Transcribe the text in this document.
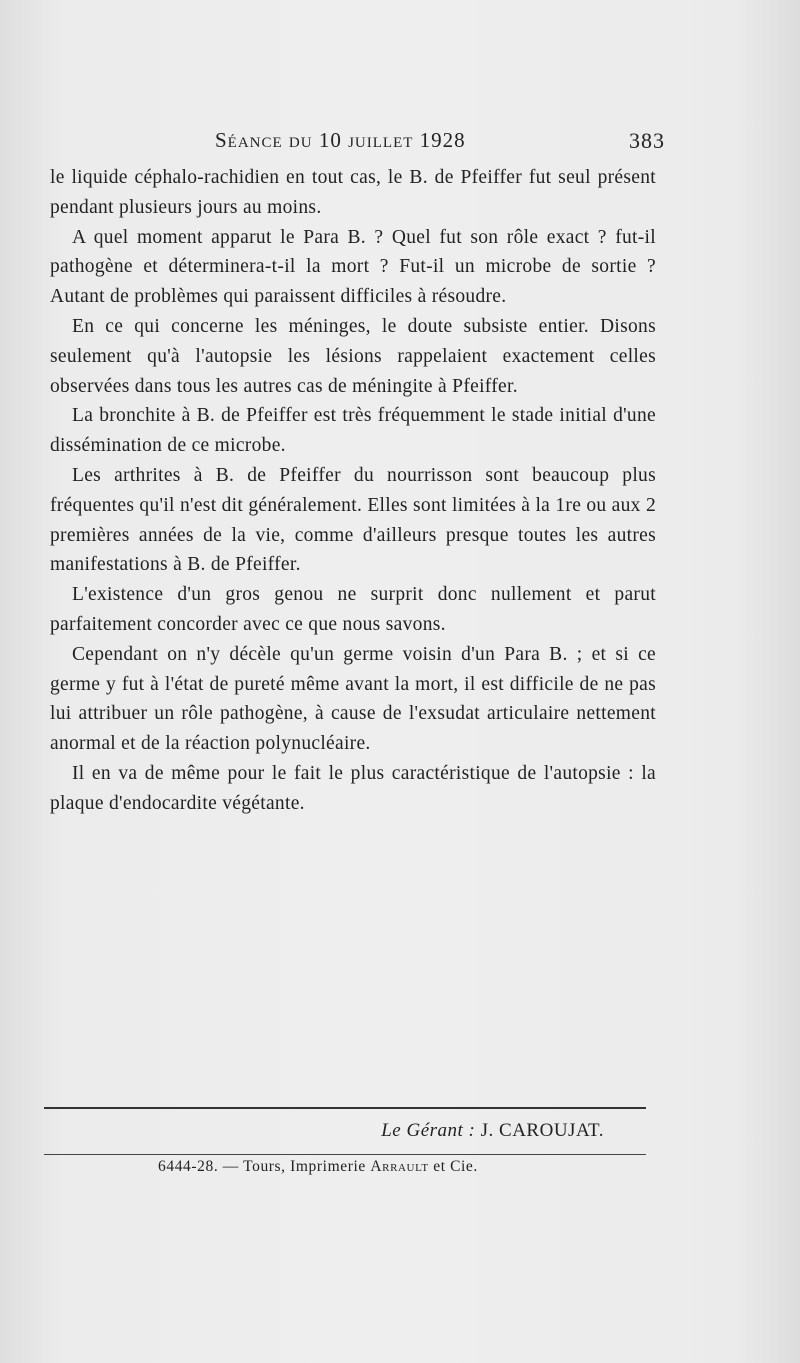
Séance du 10 juillet 1928	383

le liquide céphalo-rachidien en tout cas, le B. de Pfeiffer fut seul présent pendant plusieurs jours au moins.

A quel moment apparut le Para B. ? Quel fut son rôle exact ? fut-il pathogène et déterminera-t-il la mort ? Fut-il un microbe de sortie ? Autant de problèmes qui paraissent difficiles à résoudre.

En ce qui concerne les méninges, le doute subsiste entier. Disons seulement qu'à l'autopsie les lésions rappelaient exactement celles observées dans tous les autres cas de méningite à Pfeiffer.

La bronchite à B. de Pfeiffer est très fréquemment le stade initial d'une dissémination de ce microbe.

Les arthrites à B. de Pfeiffer du nourrisson sont beaucoup plus fréquentes qu'il n'est dit généralement. Elles sont limitées à la 1re ou aux 2 premières années de la vie, comme d'ailleurs presque toutes les autres manifestations à B. de Pfeiffer.

L'existence d'un gros genou ne surprit donc nullement et parut parfaitement concorder avec ce que nous savons.

Cependant on n'y décèle qu'un germe voisin d'un Para B. ; et si ce germe y fut à l'état de pureté même avant la mort, il est difficile de ne pas lui attribuer un rôle pathogène, à cause de l'exsudat articulaire nettement anormal et de la réaction polynucléaire.

Il en va de même pour le fait le plus caractéristique de l'autopsie : la plaque d'endocardite végétante.

Le Gérant : J. CAROUJAT.
6444-28. — Tours, Imprimerie Arrault et Cie.
